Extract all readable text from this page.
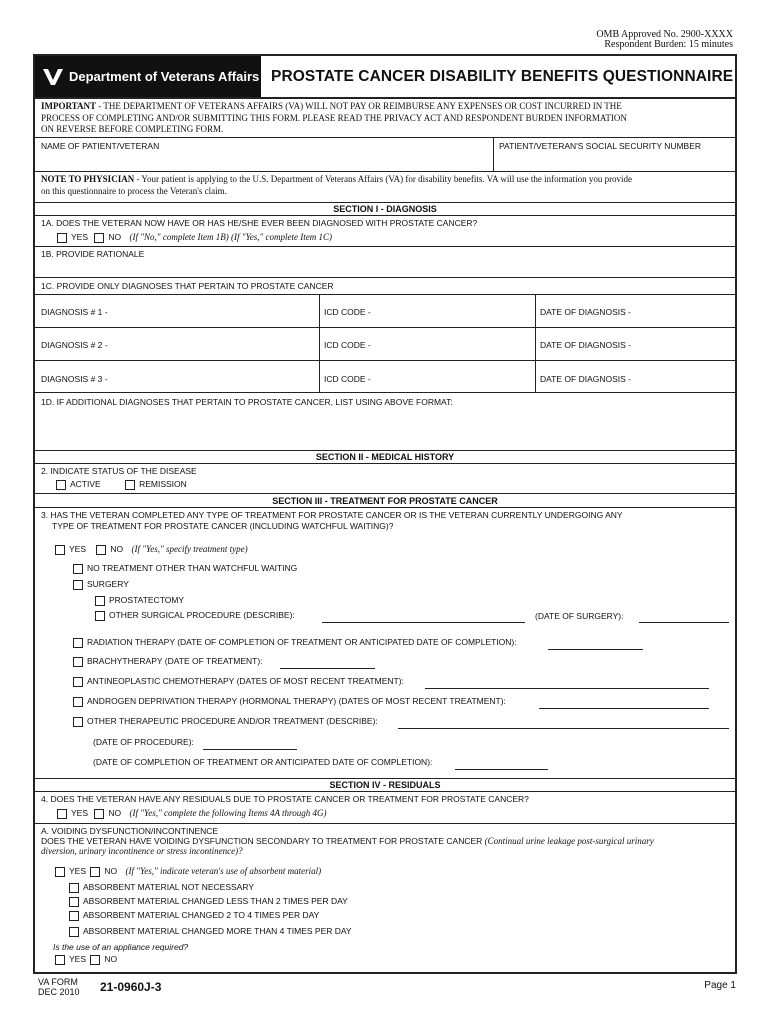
OMB Approved No. 2900-XXXX
Respondent Burden: 15 minutes
Department of Veterans Affairs PROSTATE CANCER DISABILITY BENEFITS QUESTIONNAIRE
IMPORTANT - THE DEPARTMENT OF VETERANS AFFAIRS (VA) WILL NOT PAY OR REIMBURSE ANY EXPENSES OR COST INCURRED IN THE
PROCESS OF COMPLETING AND/OR SUBMITTING THIS FORM. PLEASE READ THE PRIVACY ACT AND RESPONDENT BURDEN INFORMATION
ON REVERSE BEFORE COMPLETING FORM.
NAME OF PATIENT/VETERAN	PATIENT/VETERAN'S SOCIAL SECURITY NUMBER
NOTE TO PHYSICIAN - Your patient is applying to the U.S. Department of Veterans Affairs (VA) for disability benefits. VA will use the information you provide
on this questionnaire to process the Veteran's claim.
SECTION I - DIAGNOSIS
1A. DOES THE VETERAN NOW HAVE OR HAS HE/SHE EVER BEEN DIAGNOSED WITH PROSTATE CANCER?
YES NO (If "No," complete Item 1B) (If "Yes," complete Item 1C)
1B. PROVIDE RATIONALE
1C. PROVIDE ONLY DIAGNOSES THAT PERTAIN TO PROSTATE CANCER
DIAGNOSIS # 1 -	ICD CODE -	DATE OF DIAGNOSIS -
DIAGNOSIS # 2 -	ICD CODE -	DATE OF DIAGNOSIS -
DIAGNOSIS # 3 -	ICD CODE -	DATE OF DIAGNOSIS -
1D. IF ADDITIONAL DIAGNOSES THAT PERTAIN TO PROSTATE CANCER, LIST USING ABOVE FORMAT:
SECTION II - MEDICAL HISTORY
2. INDICATE STATUS OF THE DISEASE
ACTIVE	REMISSION
SECTION III - TREATMENT FOR PROSTATE CANCER
3. HAS THE VETERAN COMPLETED ANY TYPE OF TREATMENT FOR PROSTATE CANCER OR IS THE VETERAN CURRENTLY UNDERGOING ANY
TYPE OF TREATMENT FOR PROSTATE CANCER (INCLUDING WATCHFUL WAITING)?
YES	NO (If "Yes," specify treatment type)
NO TREATMENT OTHER THAN WATCHFUL WAITING
SURGERY
PROSTATECTOMY
OTHER SURGICAL PROCEDURE (DESCRIBE):	(DATE OF SURGERY):
RADIATION THERAPY (DATE OF COMPLETION OF TREATMENT OR ANTICIPATED DATE OF COMPLETION):
BRACHYTHERAPY (DATE OF TREATMENT):
ANTINEOPLASTIC CHEMOTHERAPY (DATES OF MOST RECENT TREATMENT):
ANDROGEN DEPRIVATION THERAPY (HORMONAL THERAPY) (DATES OF MOST RECENT TREATMENT):
OTHER THERAPEUTIC PROCEDURE AND/OR TREATMENT (DESCRIBE):
(DATE OF PROCEDURE):
(DATE OF COMPLETION OF TREATMENT OR ANTICIPATED DATE OF COMPLETION):
SECTION IV - RESIDUALS
4. DOES THE VETERAN HAVE ANY RESIDUALS DUE TO PROSTATE CANCER OR TREATMENT FOR PROSTATE CANCER?
YES NO (If "Yes," complete the following Items 4A through 4G)
A. VOIDING DYSFUNCTION/INCONTINENCE
DOES THE VETERAN HAVE VOIDING DYSFUNCTION SECONDARY TO TREATMENT FOR PROSTATE CANCER (Continual urine leakage post-surgical urinary
diversion, urinary incontinence or stress incontinence)?
YES NO (If "Yes," indicate veteran's use of absorbent material)
ABSORBENT MATERIAL NOT NECESSARY
ABSORBENT MATERIAL CHANGED LESS THAN 2 TIMES PER DAY
ABSORBENT MATERIAL CHANGED 2 TO 4 TIMES PER DAY
ABSORBENT MATERIAL CHANGED MORE THAN 4 TIMES PER DAY
Is the use of an appliance required?
YES NO
VA FORM
DEC 2010 21-0960J-3	Page 1
